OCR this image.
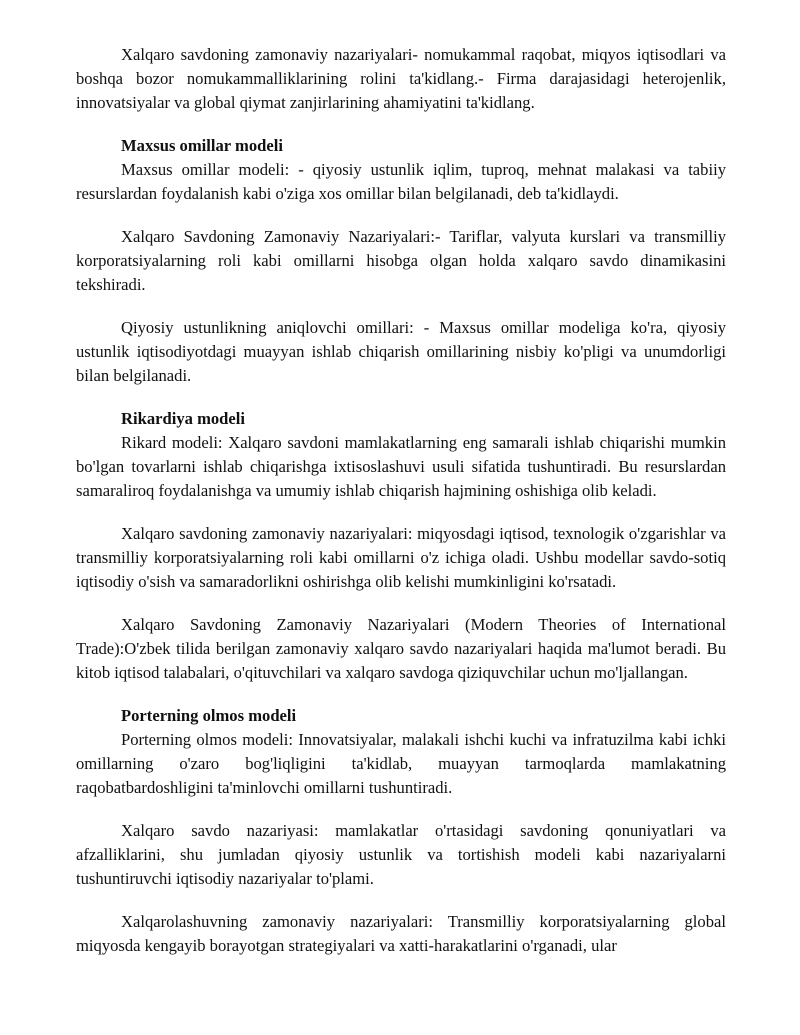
Xalqaro savdoning zamonaviy nazariyalari- nomukammal raqobat, miqyos iqtisodlari va boshqa bozor nomukammalliklarining rolini ta'kidlang.- Firma darajasidagi heterojenlik, innovatsiyalar va global qiymat zanjirlarining ahamiyatini ta'kidlang.

Maxsus omillar modeli

Maxsus omillar modeli: - qiyosiy ustunlik iqlim, tuproq, mehnat malakasi va tabiiy resurslardan foydalanish kabi o'ziga xos omillar bilan belgilanadi, deb ta'kidlaydi.

Xalqaro Savdoning Zamonaviy Nazariyalari:- Tariflar, valyuta kurslari va transmilliy korporatsiyalarning roli kabi omillarni hisobga olgan holda xalqaro savdo dinamikasini tekshiradi.

Qiyosiy ustunlikning aniqlovchi omillari: - Maxsus omillar modeliga ko'ra, qiyosiy ustunlik iqtisodiyotdagi muayyan ishlab chiqarish omillarining nisbiy ko'pligi va unumdorligi bilan belgilanadi.

Rikardiya modeli

Rikard modeli: Xalqaro savdoni mamlakatlarning eng samarali ishlab chiqarishi mumkin bo'lgan tovarlarni ishlab chiqarishga ixtisoslashuvi usuli sifatida tushuntiradi. Bu resurslardan samaraliroq foydalanishga va umumiy ishlab chiqarish hajmining oshishiga olib keladi.

Xalqaro savdoning zamonaviy nazariyalari: miqyosdagi iqtisod, texnologik o'zgarishlar va transmilliy korporatsiyalarning roli kabi omillarni o'z ichiga oladi. Ushbu modellar savdo-sotiq iqtisodiy o'sish va samaradorlikni oshirishga olib kelishi mumkinligini ko'rsatadi.

Xalqaro Savdoning Zamonaviy Nazariyalari (Modern Theories of International Trade):O'zbek tilida berilgan zamonaviy xalqaro savdo nazariyalari haqida ma'lumot beradi. Bu kitob iqtisod talabalari, o'qituvchilari va xalqaro savdoga qiziquvchilar uchun mo'ljallangan.

Porterning olmos modeli

Porterning olmos modeli: Innovatsiyalar, malakali ishchi kuchi va infratuzilma kabi ichki omillarning o'zaro bog'liqligini ta'kidlab, muayyan tarmoqlarda mamlakatning raqobatbardoshligini ta'minlovchi omillarni tushuntiradi.

Xalqaro savdo nazariyasi: mamlakatlar o'rtasidagi savdoning qonuniyatlari va afzalliklarini, shu jumladan qiyosiy ustunlik va tortishish modeli kabi nazariyalarni tushuntiruvchi iqtisodiy nazariyalar to'plami.

Xalqarolashuvning zamonaviy nazariyalari: Transmilliy korporatsiyalarning global miqyosda kengayib borayotgan strategiyalari va xatti-harakatlarini o'rganadi, ular
